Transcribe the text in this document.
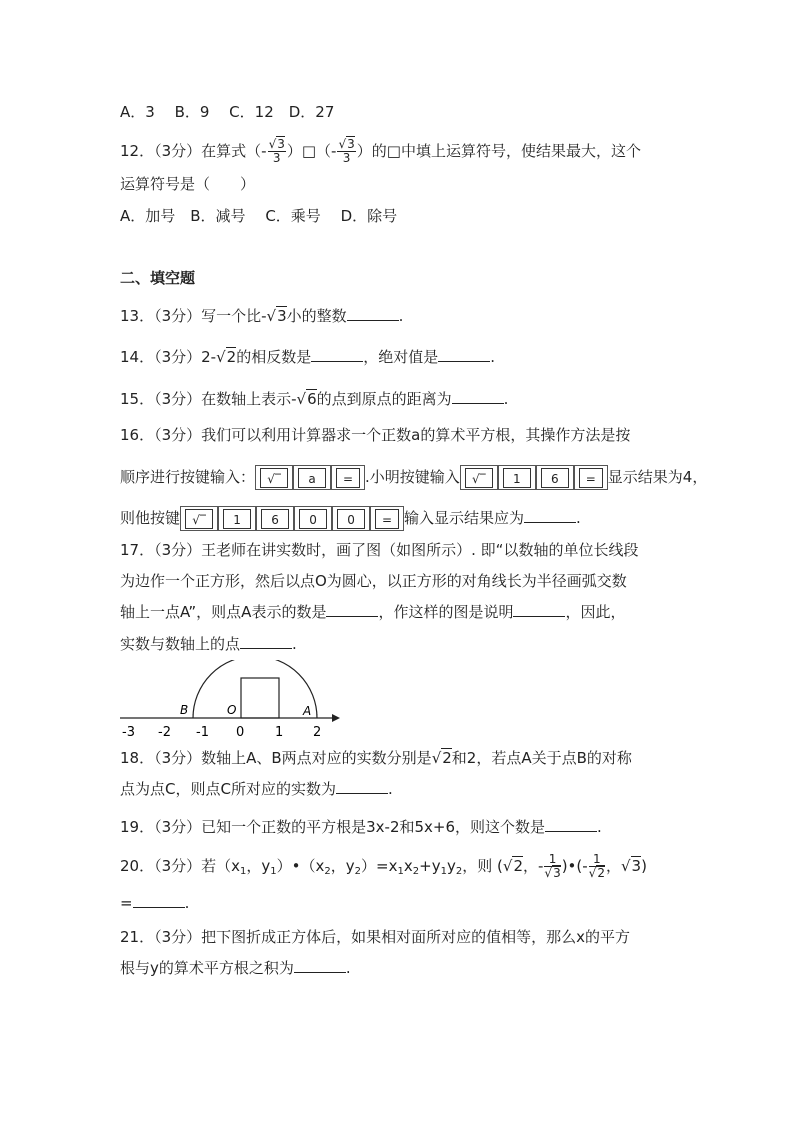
A．3　 B．9　 C．12　D．27
12．（3分）在算式（- $\frac{√3}{3}$ ）□（- $\frac{√3}{3}$ ）的□中填上运算符号，使结果最大，这个
运算符号是（　　）
A．加号　B．减号　 C．乘号　 D．除号
二、填空题
13．（3分）写一个比-√3小的整数	.
14．（3分）2-√2的相反数是	，绝对值是	.
15．（3分）在数轴上表示-√6的点到原点的距离为	.
16．（3分）我们可以利用计算器求一个正数a的算术平方根，其操作方法是按
顺序进行按键输入： √‾ a = .小明按键输入 √‾ 1	6 = 显示结果为4，
则他按键 √‾ 1	6	0	0 = 输入显示结果应为	.
17．（3分）王老师在讲实数时，画了图（如图所示）. 即“以数轴的单位长线段
为边作一个正方形，然后以点O为圆心，以正方形的对角线长为半径画弧交数
轴上一点A”，则点A表示的数是	，作这样的图是说明	，因此，
实数与数轴上的点	.
B	O	A
-3 -2 -1 0 1 2
18．（3分）数轴上A、B两点对应的实数分别是√2和2，若点A关于点B的对称
点为点C，则点C所对应的实数为	.
19．（3分）已知一个正数的平方根是3x-2和5x+6，则这个数是	.
20．（3分）若（$x_1$，$y_1)•(x_2$，$y_2)=x_1x_2+y_1y_2$，则 (√2，- $\frac{1}{√3}$ )•(- $\frac{1}{√2}$ ，√3)
=	.
21．（3分）把下图折成正方体后，如果相对面所对应的值相等，那么x的平方
根与y的算术平方根之积为	.
